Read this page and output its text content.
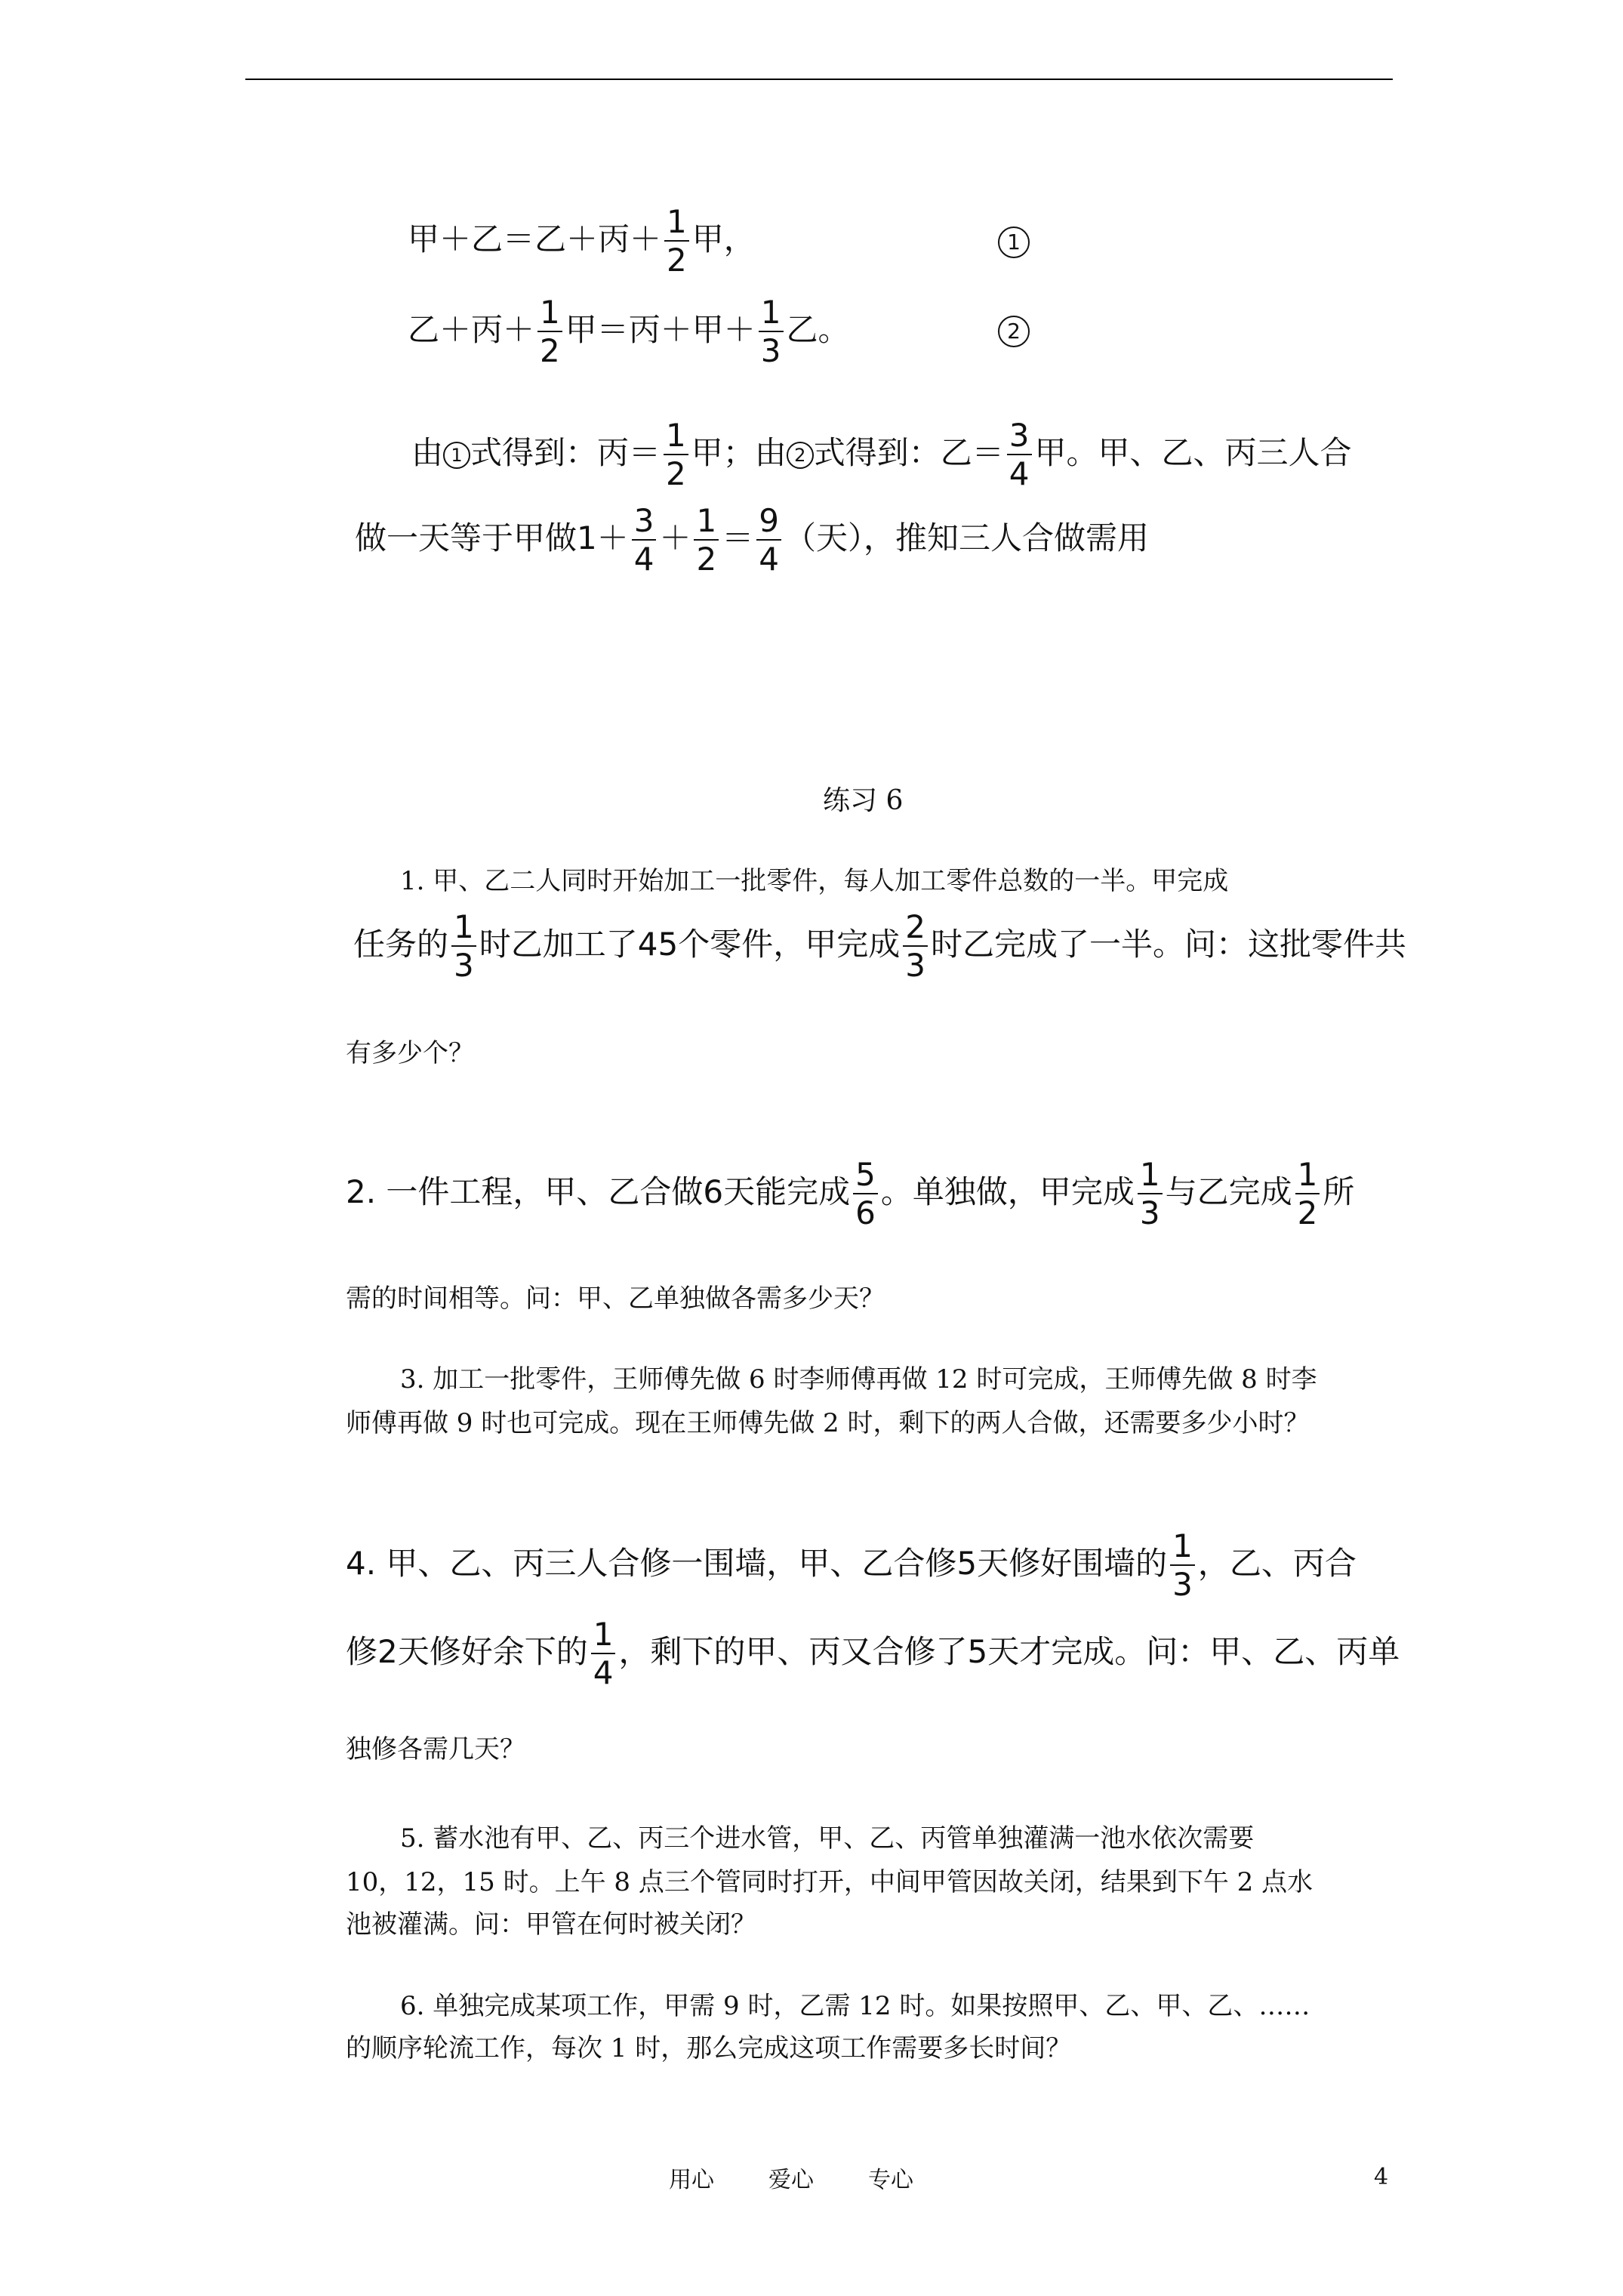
甲＋乙＝乙＋丙＋ $\frac{1}{2}$ 甲，	1
乙＋丙＋ $\frac{1}{2}$ 甲＝丙＋甲＋ $\frac{1}{3}$ 乙。	2
由 1 式得到：丙＝ $\frac{1}{2}$ 甲；由 2 式得到：乙＝ $\frac{3}{4}$ 甲。甲、乙、丙三人合
做一天等于甲做$1+ \frac{3}{4} + \frac{1}{2} = \frac{9}{4}$ （天），推知三人合做需用
练习 6
1. 甲、乙二人同时开始加工一批零件，每人加工零件总数的一半。甲完成
任务的 $\frac{1}{3}$ 时乙加工了45个零件，甲完成 $\frac{2}{3}$ 时乙完成了一半。问：这批零件共
有多少个？
2. 一件工程，甲、乙合做6天能完成 $\frac{5}{6}$ 。单独做，甲完成 $\frac{1}{3}$ 与乙完成 $\frac{1}{2}$ 所
需的时间相等。问：甲、乙单独做各需多少天？
3. 加工一批零件，王师傅先做 6 时李师傅再做 12 时可完成，王师傅先做 8 时李
师傅再做 9 时也可完成。现在王师傅先做 2 时，剩下的两人合做，还需要多少小时？
4. 甲、乙、丙三人合修一围墙，甲、乙合修5天修好围墙的 $\frac{1}{3}$ ，乙、丙合
修2天修好余下的 $\frac{1}{4}$ ，剩下的甲、丙又合修了5天才完成。问：甲、乙、丙单
独修各需几天？
5. 蓄水池有甲、乙、丙三个进水管，甲、乙、丙管单独灌满一池水依次需要
10，12，15 时。上午 8 点三个管同时打开，中间甲管因故关闭，结果到下午 2 点水
池被灌满。问：甲管在何时被关闭？
6. 单独完成某项工作，甲需 9 时，乙需 12 时。如果按照甲、乙、甲、乙、……
的顺序轮流工作，每次 1 时，那么完成这项工作需要多长时间？
用心 爱心 专心	4
